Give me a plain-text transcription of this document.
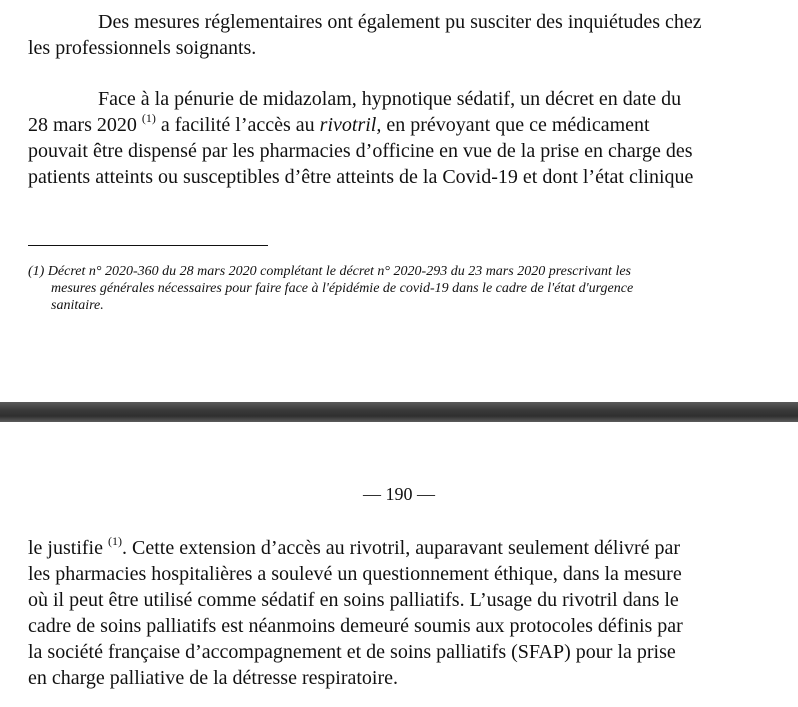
Des mesures réglementaires ont également pu susciter des inquiétudes chez
les professionnels soignants.

Face à la pénurie de midazolam, hypnotique sédatif, un décret en date du
28 mars 2020 $^{(1)}$ a facilité l’accès au rivotril, en prévoyant que ce médicament
pouvait être dispensé par les pharmacies d’officine en vue de la prise en charge des
patients atteints ou susceptibles d’être atteints de la Covid-19 et dont l’état clinique

(1) Décret n° 2020-360 du 28 mars 2020 complétant le décret n° 2020-293 du 23 mars 2020 prescrivant les
mesures générales nécessaires pour faire face à l'épidémie de covid-19 dans le cadre de l'état d'urgence
sanitaire.

— 190 —

le justifie $^{(1)}$. Cette extension d’accès au rivotril, auparavant seulement délivré par
les pharmacies hospitalières a soulevé un questionnement éthique, dans la mesure
où il peut être utilisé comme sédatif en soins palliatifs. L’usage du rivotril dans le
cadre de soins palliatifs est néanmoins demeuré soumis aux protocoles définis par
la société française d’accompagnement et de soins palliatifs (SFAP) pour la prise
en charge palliative de la détresse respiratoire.
